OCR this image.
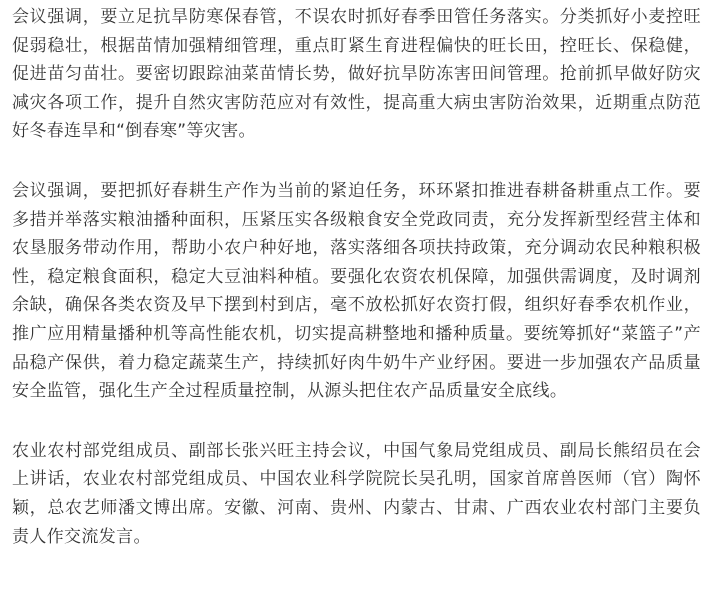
会议强调，要立足抗旱防寒保春管，不误农时抓好春季田管任务落实。分类抓好小麦控旺促弱稳壮，根据苗情加强精细管理，重点盯紧生育进程偏快的旺长田，控旺长、保稳健，促进苗匀苗壮。要密切跟踪油菜苗情长势，做好抗旱防冻害田间管理。抢前抓早做好防灾减灾各项工作，提升自然灾害防范应对有效性，提高重大病虫害防治效果，近期重点防范好冬春连旱和“倒春寒”等灾害。

会议强调，要把抓好春耕生产作为当前的紧迫任务，环环紧扣推进春耕备耕重点工作。要多措并举落实粮油播种面积，压紧压实各级粮食安全党政同责，充分发挥新型经营主体和农垦服务带动作用，帮助小农户种好地，落实落细各项扶持政策，充分调动农民种粮积极性，稳定粮食面积，稳定大豆油料种植。要强化农资农机保障，加强供需调度，及时调剂余缺，确保各类农资及早下摆到村到店，毫不放松抓好农资打假，组织好春季农机作业，推广应用精量播种机等高性能农机，切实提高耕整地和播种质量。要统筹抓好“菜篮子”产品稳产保供，着力稳定蔬菜生产，持续抓好肉牛奶牛产业纾困。要进一步加强农产品质量安全监管，强化生产全过程质量控制，从源头把住农产品质量安全底线。

农业农村部党组成员、副部长张兴旺主持会议，中国气象局党组成员、副局长熊绍员在会上讲话，农业农村部党组成员、中国农业科学院院长吴孔明，国家首席兽医师（官）陶怀颖，总农艺师潘文博出席。安徽、河南、贵州、内蒙古、甘肃、广西农业农村部门主要负责人作交流发言。
